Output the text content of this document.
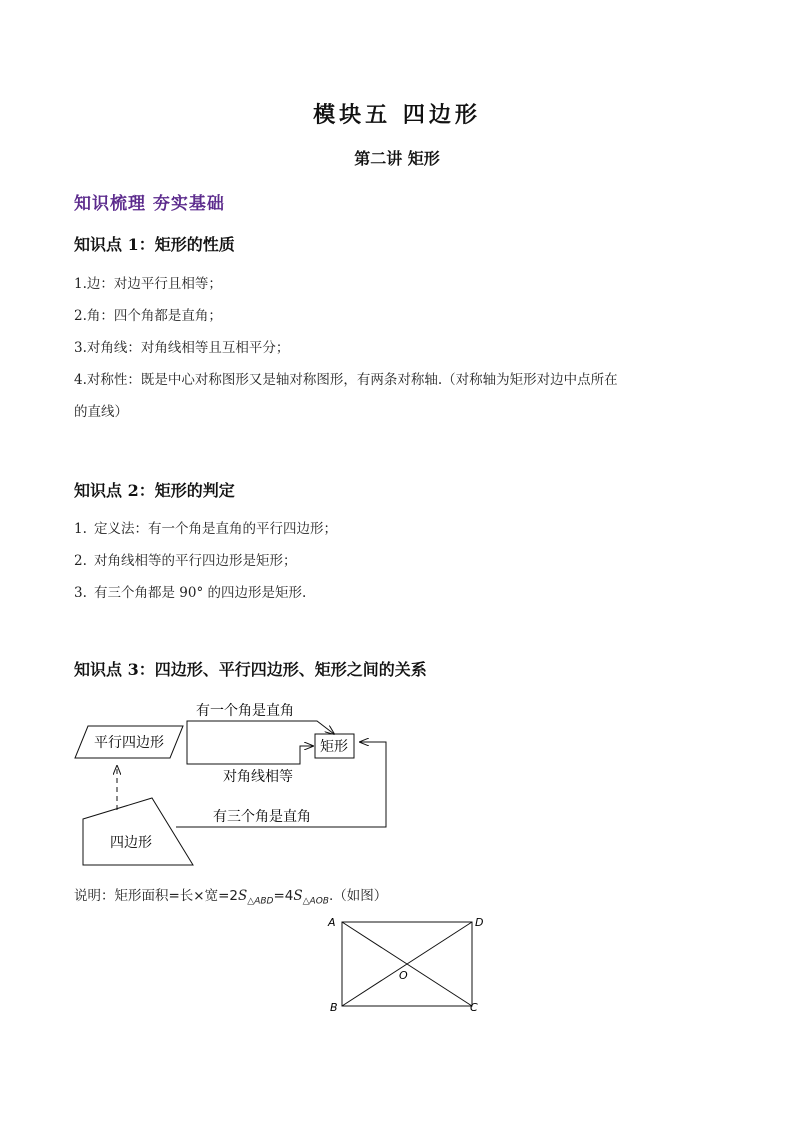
模块五 四边形
第二讲 矩形
知识梳理 夯实基础
知识点 1：矩形的性质
1.边：对边平行且相等；
2.角：四个角都是直角；
3.对角线：对角线相等且互相平分；
4.对称性：既是中心对称图形又是轴对称图形，有两条对称轴.（对称轴为矩形对边中点所在
的直线）
知识点 2：矩形的判定
1. 定义法：有一个角是直角的平行四边形；
2. 对角线相等的平行四边形是矩形；
3. 有三个角都是 90° 的四边形是矩形.
知识点 3：四边形、平行四边形、矩形之间的关系
平行四边形	矩形
有一个角是直角
对角线相等
四边形
有三个角是直角
说明：矩形面积=长×宽$=2S_{\triangle ABD}=4S_{\triangle AOB}$.（如图）
A	D
B	C
O
